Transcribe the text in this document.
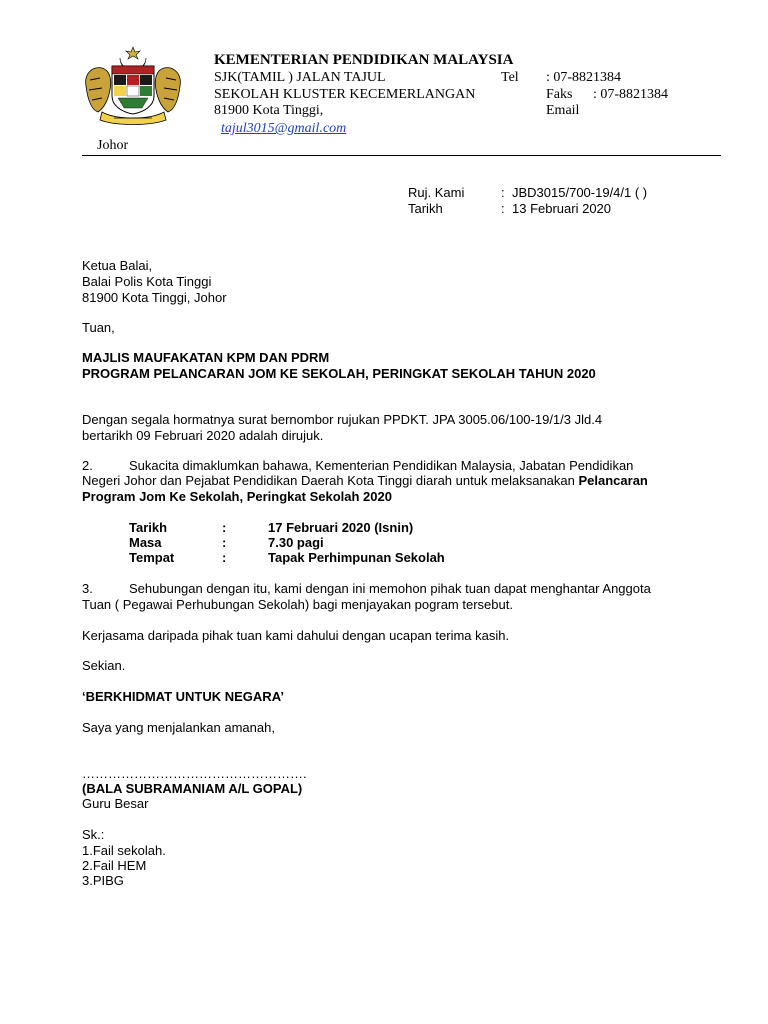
KEMENTERIAN PENDIDIKAN MALAYSIA
SJK(TAMIL ) JALAN TAJUL
SEKOLAH KLUSTER KECEMERLANGAN
81900 Kota Tinggi,
tajul3015@gmail.com
Tel : 07-8821384
Faks : 07-8821384
Email
Johor
Ruj. Kami	: JBD3015/700-19/4/1 ( )
Tarikh	: 13 Februari 2020
Ketua Balai,
Balai Polis Kota Tinggi
81900 Kota Tinggi, Johor
Tuan,
MAJLIS MAUFAKATAN KPM DAN PDRM
PROGRAM PELANCARAN JOM KE SEKOLAH, PERINGKAT SEKOLAH TAHUN 2020
Dengan segala hormatnya surat bernombor rujukan PPDKT. JPA 3005.06/100-19/1/3 Jld.4
bertarikh 09 Februari 2020 adalah dirujuk.
2.	Sukacita dimaklumkan bahawa, Kementerian Pendidikan Malaysia, Jabatan Pendidikan
Negeri Johor dan Pejabat Pendidikan Daerah Kota Tinggi diarah untuk melaksanakan Pelancaran
Program Jom Ke Sekolah, Peringkat Sekolah 2020
Tarikh	:	17 Februari 2020 (Isnin)
Masa	:	7.30 pagi
Tempat	:	Tapak Perhimpunan Sekolah
3.	Sehubungan dengan itu, kami dengan ini memohon pihak tuan dapat menghantar Anggota
Tuan ( Pegawai Perhubungan Sekolah) bagi menjayakan pogram tersebut.
Kerjasama daripada pihak tuan kami dahului dengan ucapan terima kasih.
Sekian.
‘BERKHIDMAT UNTUK NEGARA’
Saya yang menjalankan amanah,
…………………………………………….
(BALA SUBRAMANIAM A/L GOPAL)
Guru Besar
Sk.:
1.Fail sekolah.
2.Fail HEM
3.PIBG
